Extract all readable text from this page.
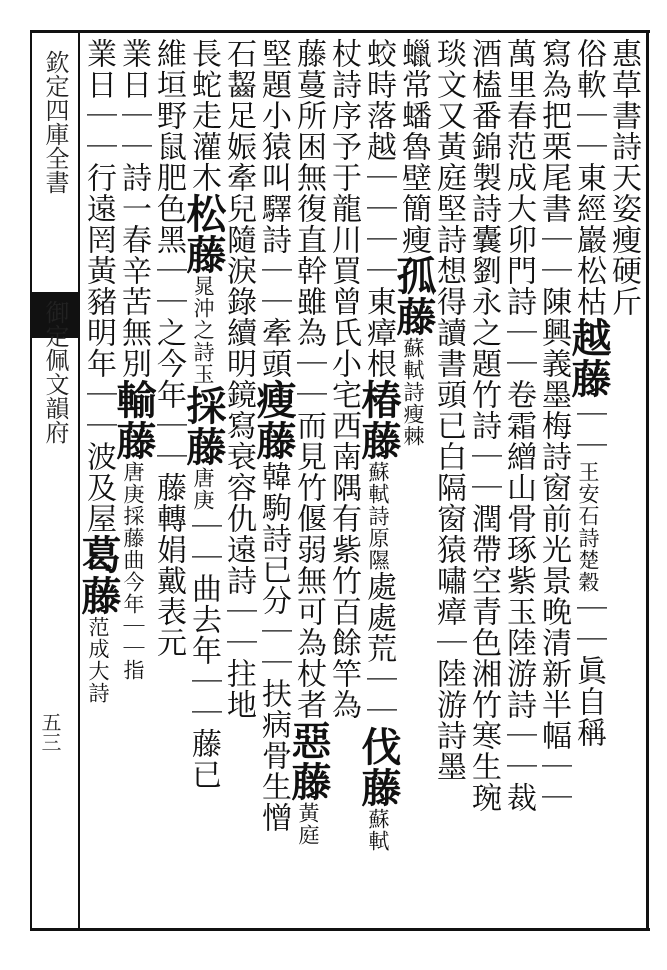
欽定四庫全書
御定佩文韻府
五三
惠草書詩天姿瘦硬斤
俗軟｜｜東經巖松枯越藤｜｜王安石詩楚穀｜｜眞自稱
寫為把栗尾書｜｜陳興義墨梅詩窗前光景晚清新半幅｜｜
萬里春范成大卯門詩｜｜卷霜繒山骨琢紫玉陸游詩｜｜裁
酒榼番錦製詩囊劉永之題竹詩｜｜潤帶空青色湘竹寒生琬
琰文又黃庭堅詩想得讀書頭已白隔窗猿嘯瘴｜陸游詩墨
蠟常蟠魯壁簡瘦孤藤蘇軾詩瘦棘
蛟時落越｜｜｜｜東瘴根椿藤蘇軾詩原隰處處荒｜｜伐藤蘇軾
杖詩序予于龍川買曾氏小宅西南隅有紫竹百餘竿為
藤蔓所困無復直幹雖為｜｜而見竹偃弱無可為杖者惡藤黃庭
堅題小猿叫驛詩｜｜牽頭瘦藤韓駒詩已分｜｜扶病骨生憎
石齧足娠牽兒隨淚錄續明鏡寫衰容仇遠詩｜｜拄地
長蛇走灌木松藤晁沖之詩玉採藤唐庚｜｜曲去年｜｜藤已
維垣野鼠肥色黑｜｜之今年｜｜藤轉娟戴表元
業日｜｜詩一春辛苦無別輸藤唐庚採藤曲今年｜｜指
業日｜｜行遠罔黃豬明年｜｜波及屋葛藤范成大詩
